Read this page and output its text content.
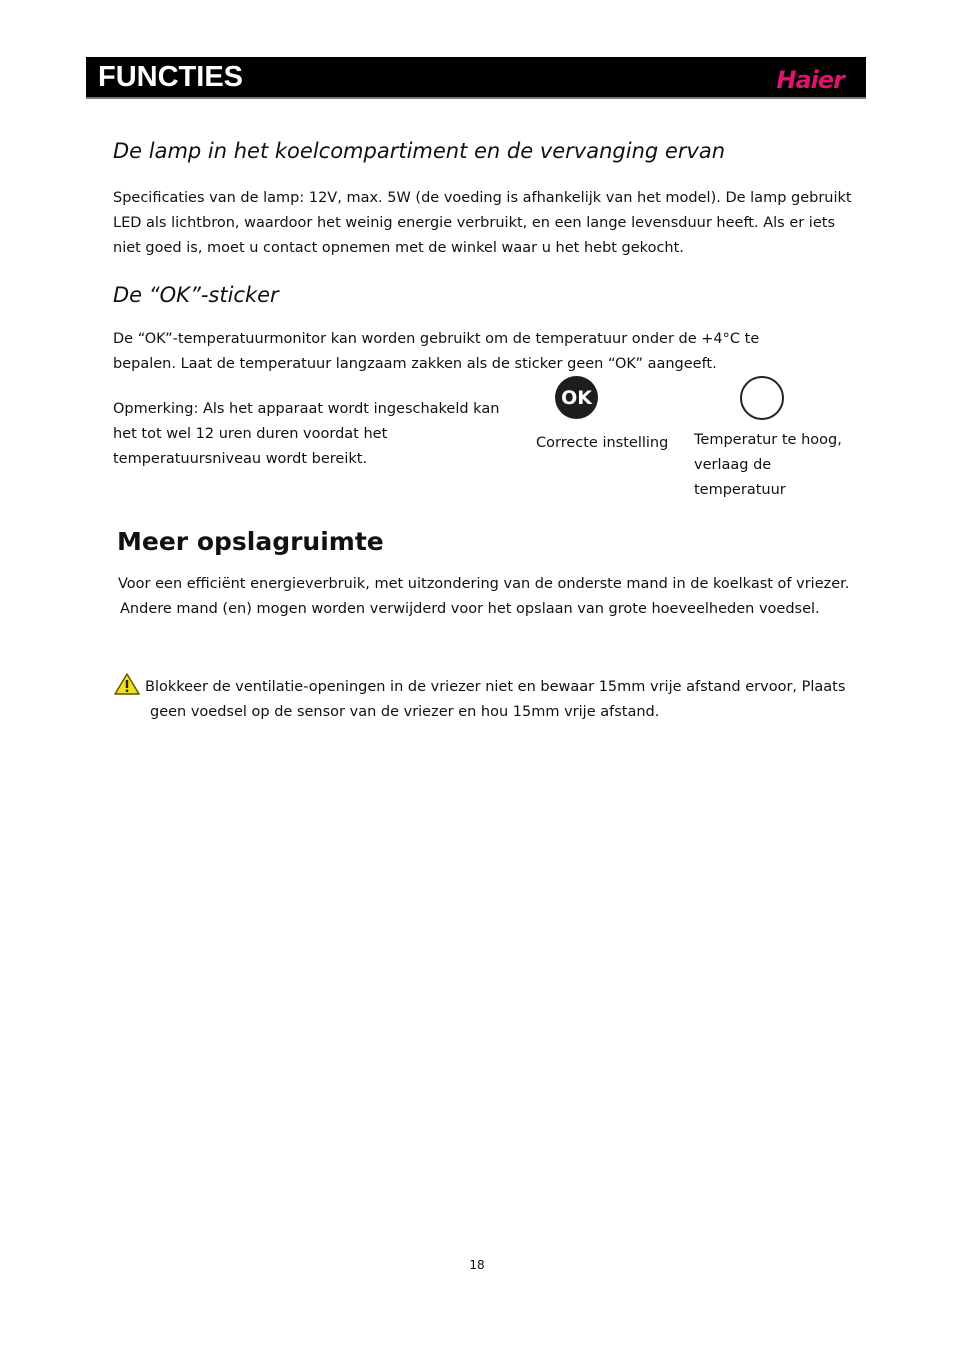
FUNCTIES	Haier
De lamp in het koelcompartiment en de vervanging ervan

Specificaties van de lamp: 12V, max. 5W (de voeding is afhankelijk van het model). De lamp gebruikt
LED als lichtbron, waardoor het weinig energie verbruikt, en een lange levensduur heeft. Als er iets
niet goed is, moet u contact opnemen met de winkel waar u het hebt gekocht.

De “OK”-sticker

De “OK”-temperatuurmonitor kan worden gebruikt om de temperatuur onder de +4°C te
bepalen. Laat de temperatuur langzaam zakken als de sticker geen “OK” aangeeft.

Opmerking: Als het apparaat wordt ingeschakeld kan
het tot wel 12 uren duren voordat het
temperatuursniveau wordt bereikt.

OK
Correcte instelling Temperatur te hoog,
verlaag de
temperatuur

Meer opslagruimte

Voor een efficiënt energieverbruik, met uitzondering van de onderste mand in de koelkast of vriezer.
Andere mand (en) mogen worden verwijderd voor het opslaan van grote hoeveelheden voedsel.

Blokkeer de ventilatie-openingen in de vriezer niet en bewaar 15mm vrije afstand ervoor, Plaats
geen voedsel op de sensor van de vriezer en hou 15mm vrije afstand.

18
